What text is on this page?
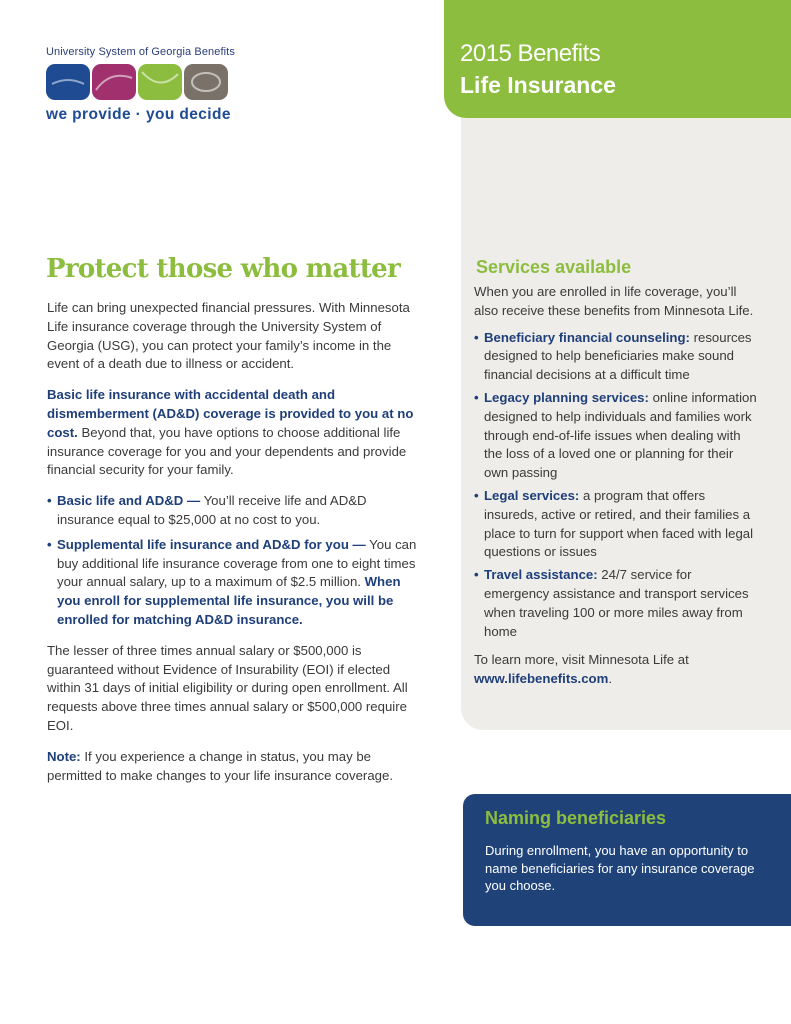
University System of Georgia Benefits
we provide · you decide
2015 Benefits
Life Insurance
Protect those who matter

Life can bring unexpected financial pressures. With Minnesota Life insurance coverage through the University System of Georgia (USG), you can protect your family’s income in the event of a death due to illness or accident.

Basic life insurance with accidental death and dismemberment (AD&D) coverage is provided to you at no cost. Beyond that, you have options to choose additional life insurance coverage for you and your dependents and provide financial security for your family.

• Basic life and AD&D — You’ll receive life and AD&D insurance equal to $25,000 at no cost to you.
• Supplemental life insurance and AD&D for you — You can buy additional life insurance coverage from one to eight times your annual salary, up to a maximum of $2.5 million. When you enroll for supplemental life insurance, you will be enrolled for matching AD&D insurance.

The lesser of three times annual salary or $500,000 is guaranteed without Evidence of Insurability (EOI) if elected within 31 days of initial eligibility or during open enrollment. All requests above three times annual salary or $500,000 require EOI.

Note: If you experience a change in status, you may be permitted to make changes to your life insurance coverage.

Services available

When you are enrolled in life coverage, you’ll also receive these benefits from Minnesota Life.

• Beneficiary financial counseling: resources designed to help beneficiaries make sound financial decisions at a difficult time
• Legacy planning services: online information designed to help individuals and families work through end-of-life issues when dealing with the loss of a loved one or planning for their own passing
• Legal services: a program that offers insureds, active or retired, and their families a place to turn for support when faced with legal questions or issues
• Travel assistance: 24/7 service for emergency assistance and transport services when traveling 100 or more miles away from home

To learn more, visit Minnesota Life at
www.lifebenefits.com.

Naming beneficiaries

During enrollment, you have an opportunity to name beneficiaries for any insurance coverage you choose.
